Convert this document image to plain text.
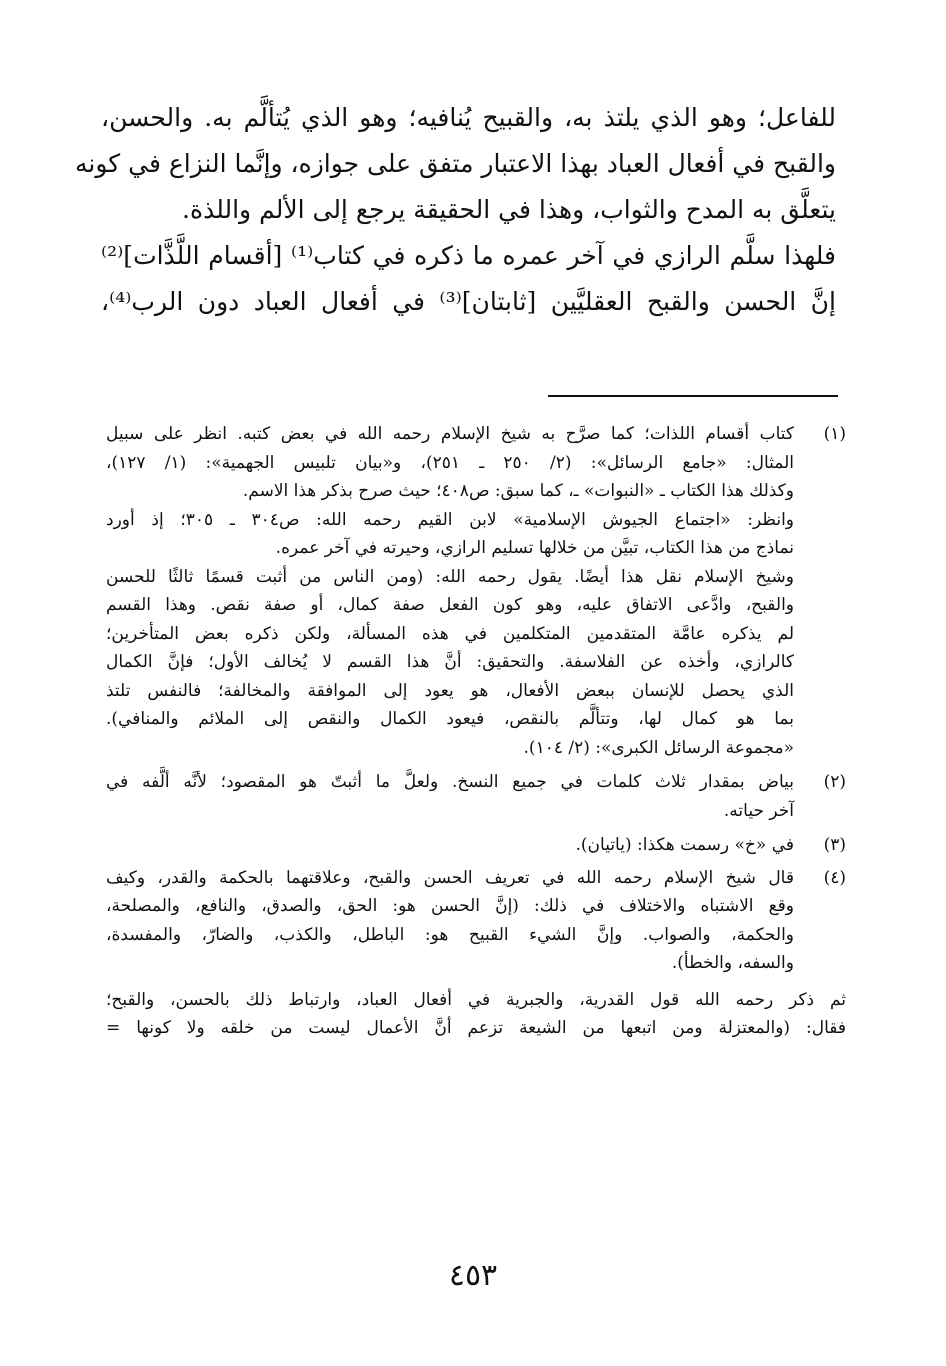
للفاعل؛ وهو الذي يلتذ به، والقبيح يُنافيه؛ وهو الذي يُتألَّم به. والحسن،
والقبح في أفعال العباد بهذا الاعتبار متفق على جوازه، وإنَّما النزاع في كونه
يتعلَّق به المدح والثواب، وهذا في الحقيقة يرجع إلى الألم واللذة.
فلهذا سلَّم الرازي في آخر عمره ما ذكره في كتاب⁽¹⁾ [أقسام اللَّذَّات]⁽²⁾
إنَّ الحسن والقبح العقليَّين [ثابتان]⁽³⁾ في أفعال العباد دون الرب⁽⁴⁾،
(١)
كتاب أقسام اللذات؛ كما صرَّح به شيخ الإسلام رحمه الله في بعض كتبه. انظر على سبيل
المثال: «جامع الرسائل»: (٢/ ٢٥٠ ـ ٢٥١)، و«بيان تلبيس الجهمية»: (١/ ١٢٧)،
وكذلك هذا الكتاب ـ «النبوات» ـ، كما سبق: ص٤٠٨؛ حيث صرح بذكر هذا الاسم.
وانظر: «اجتماع الجيوش الإسلامية» لابن القيم رحمه الله: ص٣٠٤ ـ ٣٠٥؛ إذ أورد
نماذج من هذا الكتاب، تبيَّن من خلالها تسليم الرازي، وحيرته في آخر عمره.
وشيخ الإسلام نقل هذا أيضًا. يقول رحمه الله: (ومن الناس من أثبت قسمًا ثالثًا للحسن
والقبح، وادَّعى الاتفاق عليه، وهو كون الفعل صفة كمال، أو صفة نقص. وهذا القسم
لم يذكره عامَّة المتقدمين المتكلمين في هذه المسألة، ولكن ذكره بعض المتأخرين؛
كالرازي، وأخذه عن الفلاسفة. والتحقيق: أنَّ هذا القسم لا يُخالف الأول؛ فإنَّ الكمال
الذي يحصل للإنسان ببعض الأفعال، هو يعود إلى الموافقة والمخالفة؛ فالنفس تلتذ
بما هو كمال لها، وتتألَّم بالنقص، فيعود الكمال والنقص إلى الملائم والمنافي).
«مجموعة الرسائل الكبرى»: (٢/ ١٠٤).
(٢)
بياض بمقدار ثلاث كلمات في جميع النسخ. ولعلَّ ما أثبتّ هو المقصود؛ لأنَّه ألَّفه في
آخر حياته.
(٣)
في «خ» رسمت هكذا: (ياتيان).
(٤)
قال شيخ الإسلام رحمه الله في تعريف الحسن والقبح، وعلاقتهما بالحكمة والقدر، وكيف
وقع الاشتباه والاختلاف في ذلك: (إنَّ الحسن هو: الحق، والصدق، والنافع، والمصلحة،
والحكمة، والصواب. وإنَّ الشيء القبيح هو: الباطل، والكذب، والضارّ، والمفسدة،
والسفه، والخطأ).
ثم ذكر رحمه الله قول القدرية، والجبرية في أفعال العباد، وارتباط ذلك بالحسن، والقبح؛
فقال: (والمعتزلة ومن اتبعها من الشيعة تزعم أنَّ الأعمال ليست من خلقه ولا كونها =
٤٥٣
